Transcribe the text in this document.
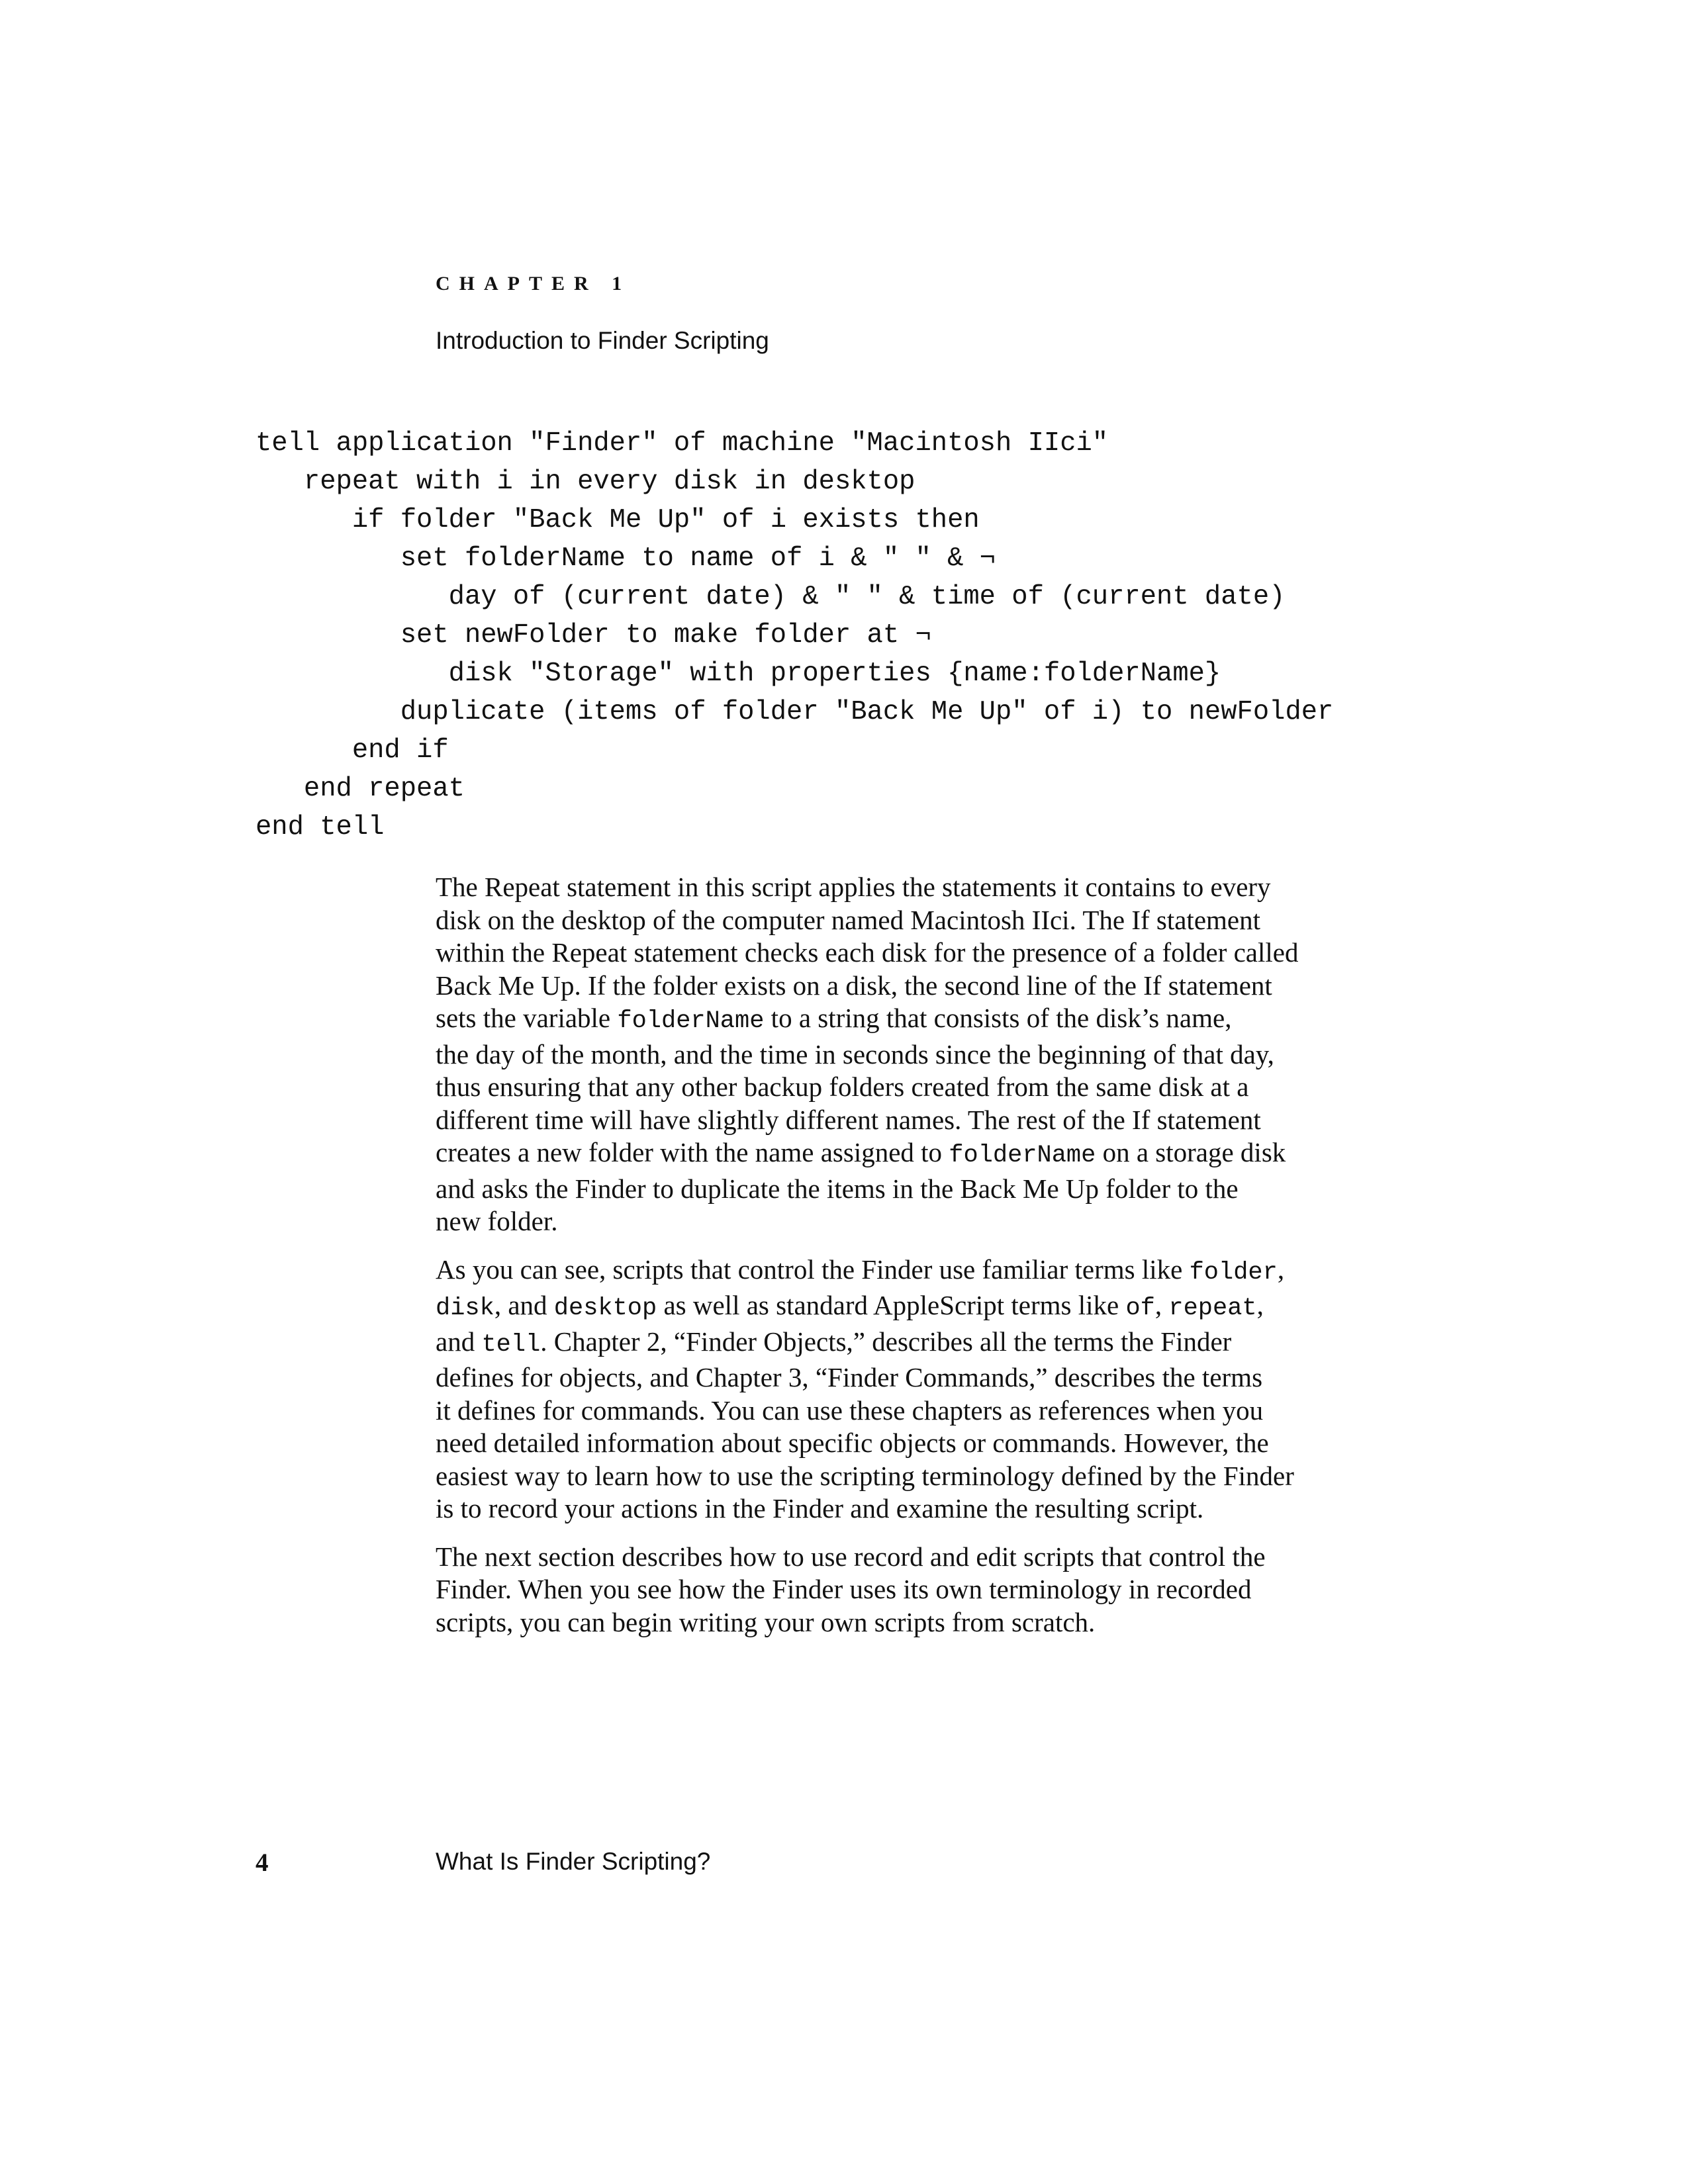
CHAPTER 1
Introduction to Finder Scripting
tell application "Finder" of machine "Macintosh IIci"
repeat with i in every disk in desktop
if folder "Back Me Up" of i exists then
set folderName to name of i & " " & ¬
day of (current date) & " " & time of (current date)
set newFolder to make folder at ¬
disk "Storage" with properties {name:folderName}
duplicate (items of folder "Back Me Up" of i) to newFolder
end if
end repeat
end tell

The Repeat statement in this script applies the statements it contains to every
disk on the desktop of the computer named Macintosh IIci. The If statement
within the Repeat statement checks each disk for the presence of a folder called
Back Me Up. If the folder exists on a disk, the second line of the If statement
sets the variable folderName to a string that consists of the disk’s name,
the day of the month, and the time in seconds since the beginning of that day,
thus ensuring that any other backup folders created from the same disk at a
different time will have slightly different names. The rest of the If statement
creates a new folder with the name assigned to folderName on a storage disk
and asks the Finder to duplicate the items in the Back Me Up folder to the
new folder.

As you can see, scripts that control the Finder use familiar terms like folder,
disk, and desktop as well as standard AppleScript terms like of, repeat,
and tell. Chapter 2, “Finder Objects,” describes all the terms the Finder
defines for objects, and Chapter 3, “Finder Commands,” describes the terms
it defines for commands. You can use these chapters as references when you
need detailed information about specific objects or commands. However, the
easiest way to learn how to use the scripting terminology defined by the Finder
is to record your actions in the Finder and examine the resulting script.

The next section describes how to use record and edit scripts that control the
Finder. When you see how the Finder uses its own terminology in recorded
scripts, you can begin writing your own scripts from scratch.

4	What Is Finder Scripting?
